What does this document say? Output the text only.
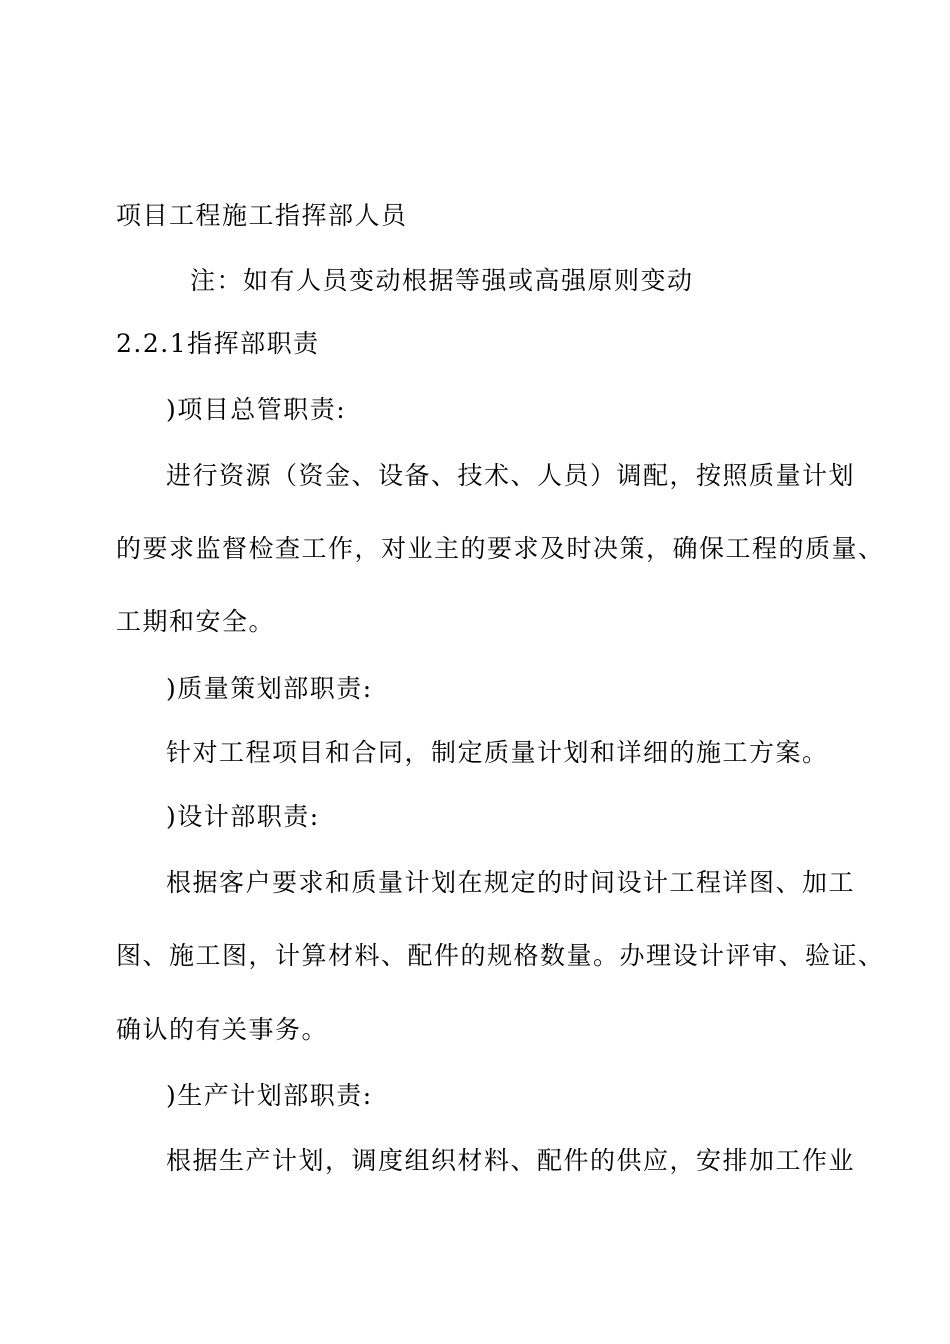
项目工程施工指挥部人员
注：如有人员变动根据等强或高强原则变动
2.2.1指挥部职责
)项目总管职责:
进行资源（资金、设备、技术、人员）调配，按照质量计划
的要求监督检查工作，对业主的要求及时决策，确保工程的质量、
工期和安全。
)质量策划部职责:
针对工程项目和合同，制定质量计划和详细的施工方案。
)设计部职责:
根据客户要求和质量计划在规定的时间设计工程详图、加工
图、施工图，计算材料、配件的规格数量。办理设计评审、验证、
确认的有关事务。
)生产计划部职责:
根据生产计划，调度组织材料、配件的供应，安排加工作业
